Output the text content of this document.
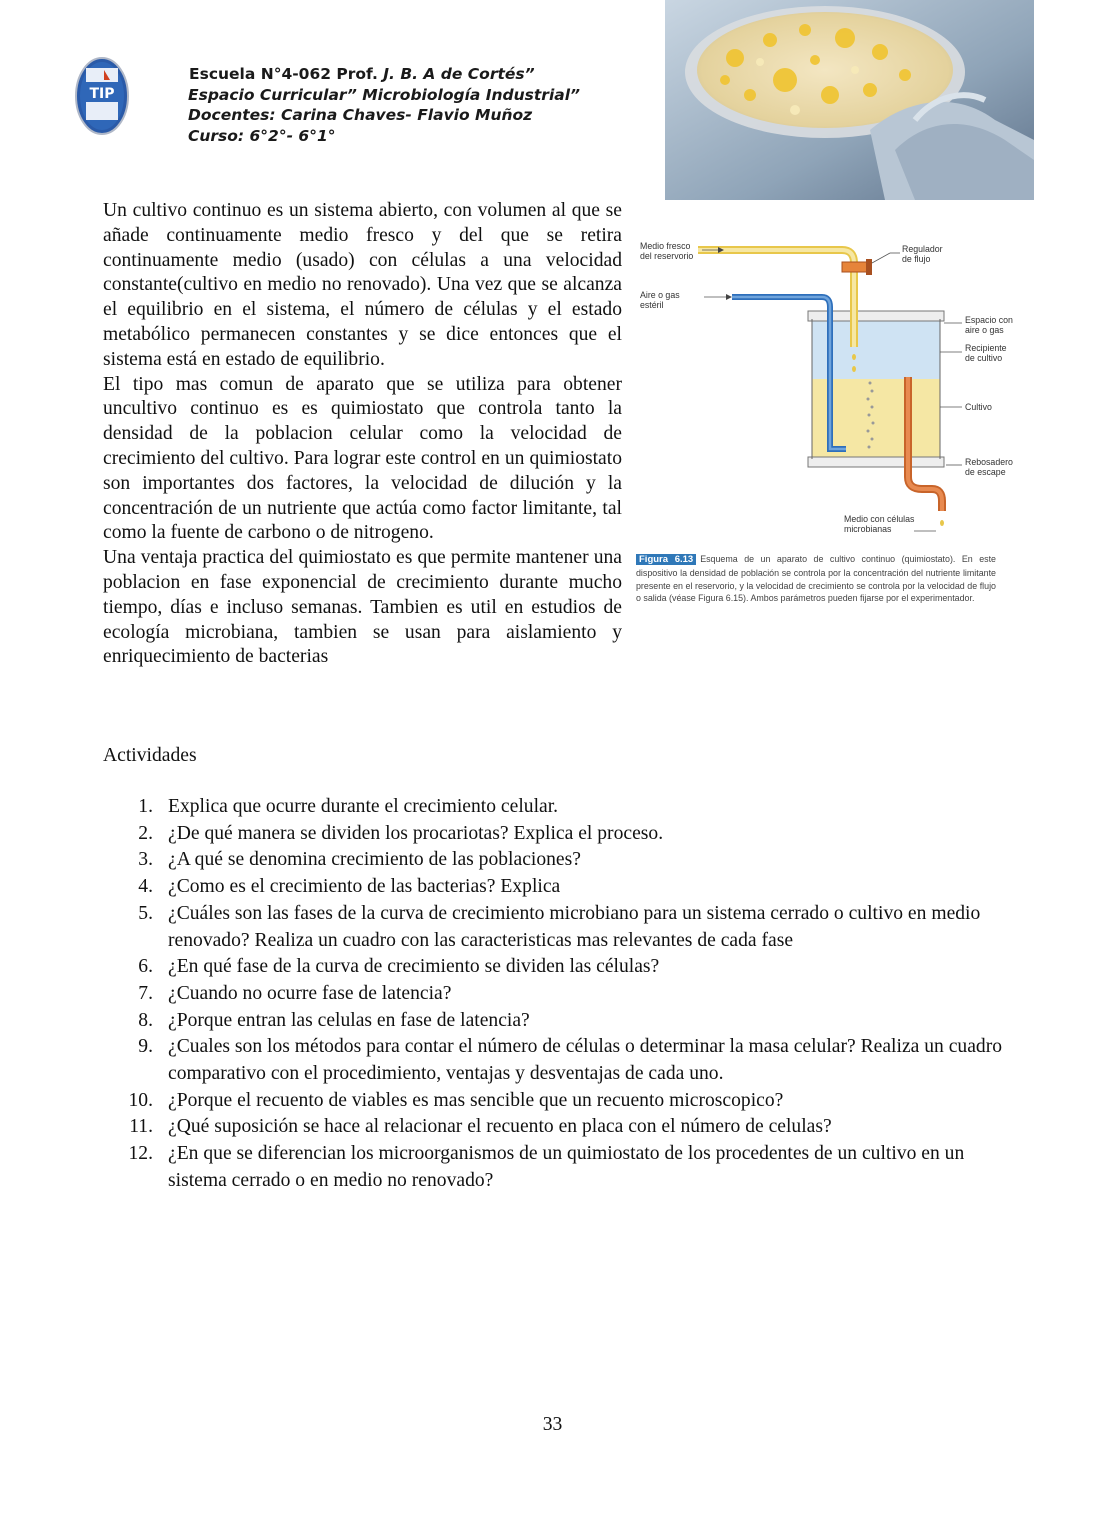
TIP
Escuela N°4-062 Prof. J. B. A de Cortés”
Espacio Curricular” Microbiología Industrial”
Docentes: Carina Chaves- Flavio Muñoz
Curso: 6°2°- 6°1°
Medio fresco
del reservorio
Regulador
de flujo
Aire o gas
estéril
Espacio con
aire o gas
Recipiente
de cultivo
Cultivo
Rebosadero
de escape
Medio con células
microbianas
Figura 6.13 Esquema de un aparato de cultivo continuo (quimiostato). En este dispositivo la densidad de población se controla por la concentración del nutriente limitante presente en el reservorio, y la velocidad de crecimiento se controla por la velocidad de flujo o salida (véase Figura 6.15). Ambos parámetros pueden fijarse por el experimentador.

Un cultivo continuo es un sistema abierto, con volumen al que se añade continuamente medio fresco y del que se retira continuamente medio (usado) con células a una velocidad constante(cultivo en medio no renovado). Una vez que se alcanza el equilibrio en el sistema, el número de células y el estado metabólico permanecen constantes y se dice entonces que el sistema está en estado de equilibrio.

El tipo mas comun de aparato que se utiliza para obtener uncultivo continuo es es quimiostato que controla tanto la densidad de la poblacion celular como la velocidad de crecimiento del cultivo. Para lograr este control en un quimiostato son importantes dos factores, la velocidad de dilución y la concentración de un nutriente que actúa como factor limitante, tal como la fuente de carbono o de nitrogeno.

Una ventaja practica del quimiostato es que permite mantener una poblacion en fase exponencial de crecimiento durante mucho tiempo, días e incluso semanas. Tambien es util en estudios de ecología microbiana, tambien se usan para aislamiento y enriquecimiento de bacterias

Actividades
1. Explica que ocurre durante el crecimiento celular.
2. ¿De qué manera se dividen los procariotas? Explica el proceso.
3. ¿A qué se denomina crecimiento de las poblaciones?
4. ¿Como es el crecimiento de las bacterias? Explica
5. ¿Cuáles son las fases de la curva de crecimiento microbiano para un sistema cerrado o cultivo en medio renovado? Realiza un cuadro con las caracteristicas mas relevantes de cada fase
6. ¿En qué fase de la curva de crecimiento se dividen las células?
7. ¿Cuando no ocurre fase de latencia?
8. ¿Porque entran las celulas en fase de latencia?
9. ¿Cuales son los métodos para contar el número de células o determinar la masa celular? Realiza un cuadro comparativo con el procedimiento, ventajas y desventajas de cada uno.
10. ¿Porque el recuento de viables es mas sencible que un recuento microscopico?
11. ¿Qué suposición se hace al relacionar el recuento en placa con el número de celulas?
12. ¿En que se diferencian los microorganismos de un quimiostato de los procedentes de un cultivo en un sistema cerrado o en medio no renovado?
33
